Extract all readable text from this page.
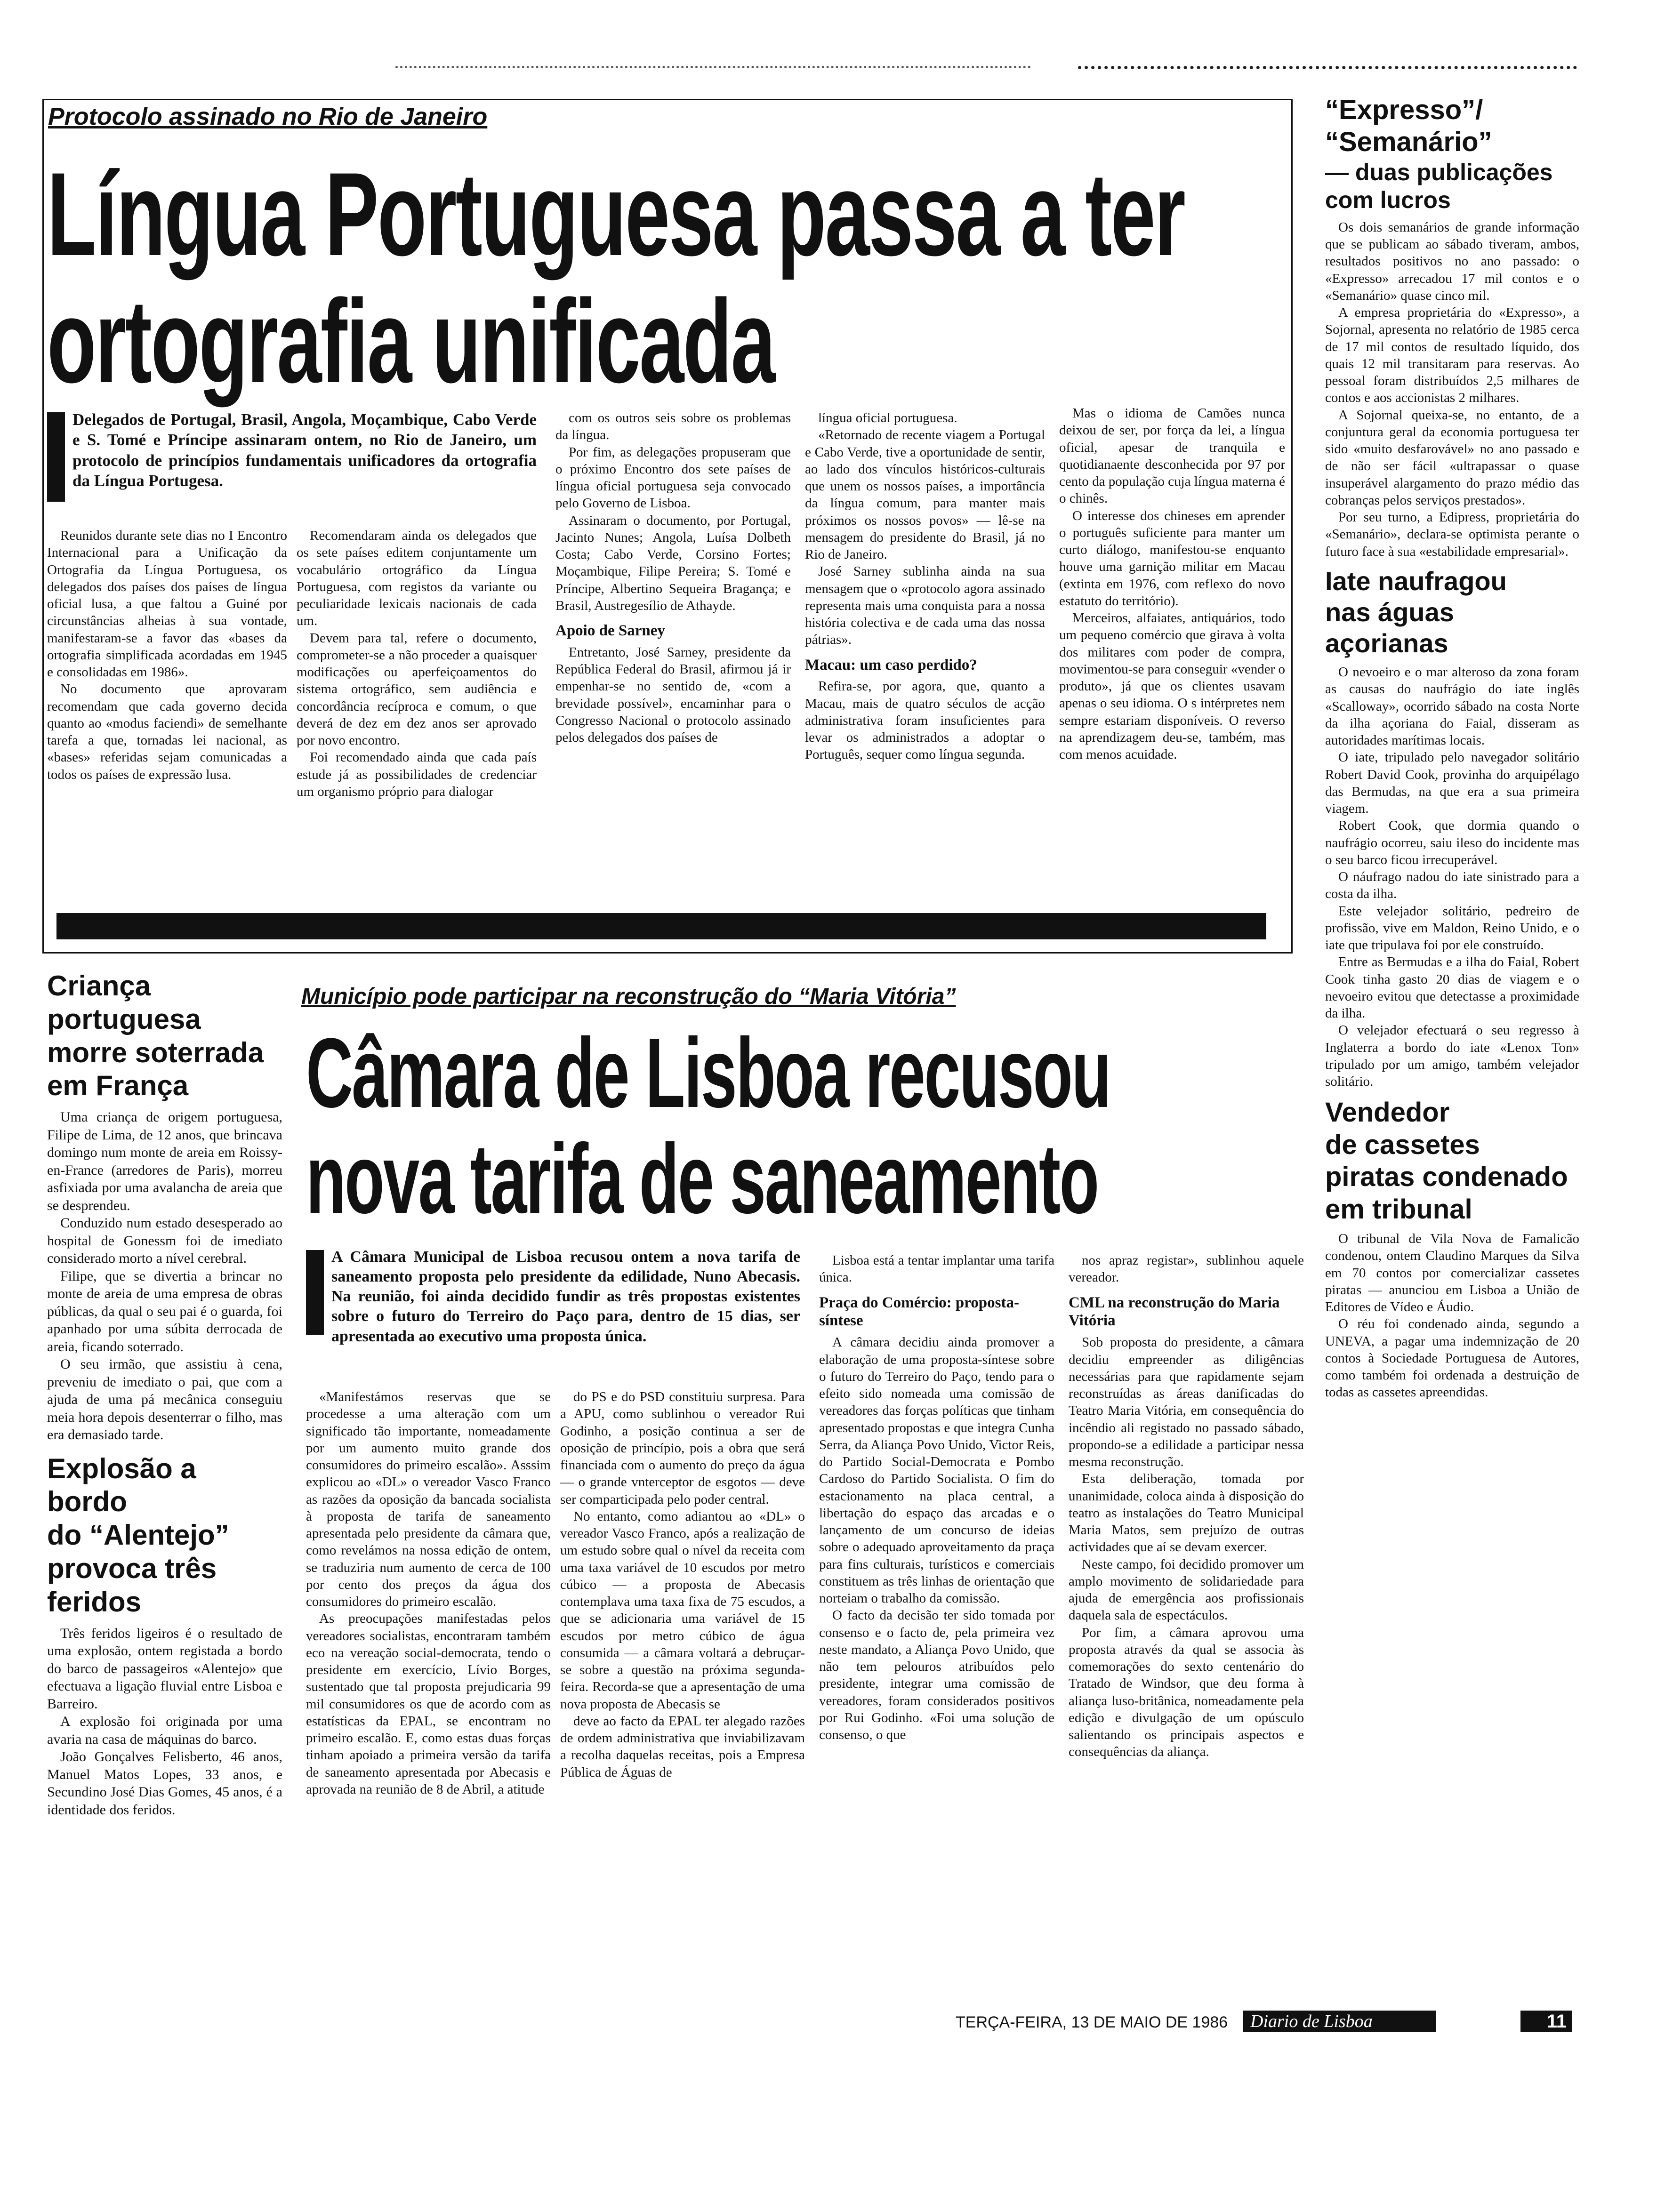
Protocolo assinado no Rio de Janeiro

Língua Portuguesa passa a ter
ortografia unificada

Delegados de Portugal, Brasil, Angola, Moçambique, Cabo Verde e S. Tomé e Príncipe assinaram ontem, no Rio de Janeiro, um protocolo de princípios fundamentais unificadores da ortografia da Língua Portugesa.

Reunidos durante sete dias no I Encontro Internacional para a Unificação da Ortografia da Língua Portuguesa, os delegados dos países dos países de língua oficial lusa, a que faltou a Guiné por circunstâncias alheias à sua vontade, manifestaram-se a favor das «bases da ortografia simplificada acordadas em 1945 e consolidadas em 1986».

No documento que aprovaram recomendam que cada governo decida quanto ao «modus faciendi» de semelhante tarefa a que, tornadas lei nacional, as «bases» referidas sejam comunicadas a todos os países de expressão lusa.

Recomendaram ainda os delegados que os sete países editem conjuntamente um vocabulário ortográfico da Língua Portuguesa, com registos da variante ou peculiaridade lexicais nacionais de cada um.

Devem para tal, refere o documento, comprometer-se a não proceder a quaisquer modificações ou aperfeiçoamentos do sistema ortográfico, sem audiência e concordância recíproca e comum, o que deverá de dez em dez anos ser aprovado por novo encontro.

Foi recomendado ainda que cada país estude já as possibilidades de credenciar um organismo próprio para dialogar

com os outros seis sobre os problemas da língua.

Por fim, as delegações propuseram que o próximo Encontro dos sete países de língua oficial portuguesa seja convocado pelo Governo de Lisboa.

Assinaram o documento, por Portugal, Jacinto Nunes; Angola, Luísa Dolbeth Costa; Cabo Verde, Corsino Fortes; Moçambique, Filipe Pereira; S. Tomé e Príncipe, Albertino Sequeira Bragança; e Brasil, Austregesílio de Athayde.

Apoio de Sarney

Entretanto, José Sarney, presidente da República Federal do Brasil, afirmou já ir empenhar-se no sentido de, «com a brevidade possível», encaminhar para o Congresso Nacional o protocolo assinado pelos delegados dos países de

língua oficial portuguesa.

«Retornado de recente viagem a Portugal e Cabo Verde, tive a oportunidade de sentir, ao lado dos vínculos históricos-culturais que unem os nossos países, a importância da língua comum, para manter mais próximos os nossos povos» — lê-se na mensagem do presidente do Brasil, já no Rio de Janeiro.

José Sarney sublinha ainda na sua mensagem que o «protocolo agora assinado representa mais uma conquista para a nossa história colectiva e de cada uma das nossa pátrias».

Macau: um caso perdido?

Refira-se, por agora, que, quanto a Macau, mais de quatro séculos de acção administrativa foram insuficientes para levar os administrados a adoptar o Português, sequer como língua segunda.

Mas o idioma de Camões nunca deixou de ser, por força da lei, a língua oficial, apesar de tranquila e quotidianaente desconhecida por 97 por cento da população cuja língua materna é o chinês.

O interesse dos chineses em aprender o português suficiente para manter um curto diálogo, manifestou-se enquanto houve uma garnição militar em Macau (extinta em 1976, com reflexo do novo estatuto do território).

Merceiros, alfaiates, antiquários, todo um pequeno comércio que girava à volta dos militares com poder de compra, movimentou-se para conseguir «vender o produto», já que os clientes usavam apenas o seu idioma. O s intérpretes nem sempre estariam disponíveis. O reverso na aprendizagem deu-se, também, mas com menos acuidade.

“Expresso”/
“Semanário”
— duas publicações
com lucros

Os dois semanários de grande informação que se publicam ao sábado tiveram, ambos, resultados positivos no ano passado: o «Expresso» arrecadou 17 mil contos e o «Semanário» quase cinco mil.

A empresa proprietária do «Expresso», a Sojornal, apresenta no relatório de 1985 cerca de 17 mil contos de resultado líquido, dos quais 12 mil transitaram para reservas. Ao pessoal foram distribuídos 2,5 milhares de contos e aos accionistas 2 milhares.

A Sojornal queixa-se, no entanto, de a conjuntura geral da economia portuguesa ter sido «muito desfarovável» no ano passado e de não ser fácil «ultrapassar o quase insuperável alargamento do prazo médio das cobranças pelos serviços prestados».

Por seu turno, a Edipress, proprietária do «Semanário», declara-se optimista perante o futuro face à sua «estabilidade empresarial».

Iate naufragou
nas águas açorianas

O nevoeiro e o mar alteroso da zona foram as causas do naufrágio do iate inglês «Scalloway», ocorrido sábado na costa Norte da ilha açoriana do Faial, disseram as autoridades marítimas locais.

O iate, tripulado pelo navegador solitário Robert David Cook, provinha do arquipélago das Bermudas, na que era a sua primeira viagem.

Robert Cook, que dormia quando o naufrágio ocorreu, saiu ileso do incidente mas o seu barco ficou irrecuperável.

O náufrago nadou do iate sinistrado para a costa da ilha.

Este velejador solitário, pedreiro de profissão, vive em Maldon, Reino Unido, e o iate que tripulava foi por ele construído.

Entre as Bermudas e a ilha do Faial, Robert Cook tinha gasto 20 dias de viagem e o nevoeiro evitou que detectasse a proximidade da ilha.

O velejador efectuará o seu regresso à Inglaterra a bordo do iate «Lenox Ton» tripulado por um amigo, também velejador solitário.

Vendedor
de cassetes
piratas condenado
em tribunal

O tribunal de Vila Nova de Famalicão condenou, ontem Claudino Marques da Silva em 70 contos por comercializar cassetes piratas — anunciou em Lisboa a União de Editores de Vídeo e Áudio.

O réu foi condenado ainda, segundo a UNEVA, a pagar uma indemnização de 20 contos à Sociedade Portuguesa de Autores, como também foi ordenada a destruição de todas as cassetes apreendidas.

Criança portuguesa
morre soterrada
em França

Uma criança de origem portuguesa, Filipe de Lima, de 12 anos, que brincava domingo num monte de areia em Roissy-en-France (arredores de Paris), morreu asfixiada por uma avalancha de areia que se desprendeu.

Conduzido num estado desesperado ao hospital de Gonessm foi de imediato considerado morto a nível cerebral.

Filipe, que se divertia a brincar no monte de areia de uma empresa de obras públicas, da qual o seu pai é o guarda, foi apanhado por uma súbita derrocada de areia, ficando soterrado.

O seu irmão, que assistiu à cena, preveniu de imediato o pai, que com a ajuda de uma pá mecânica conseguiu meia hora depois desenterrar o filho, mas era demasiado tarde.

Explosão a bordo
do “Alentejo”
provoca três feridos

Três feridos ligeiros é o resultado de uma explosão, ontem registada a bordo do barco de passageiros «Alentejo» que efectuava a ligação fluvial entre Lisboa e Barreiro.

A explosão foi originada por uma avaria na casa de máquinas do barco.

João Gonçalves Felisberto, 46 anos, Manuel Matos Lopes, 33 anos, e Secundino José Dias Gomes, 45 anos, é a identidade dos feridos.

Município pode participar na reconstrução do “Maria Vitória”

Câmara de Lisboa recusou
nova tarifa de saneamento

A Câmara Municipal de Lisboa recusou ontem a nova tarifa de saneamento proposta pelo presidente da edilidade, Nuno Abecasis. Na reunião, foi ainda decidido fundir as três propostas existentes sobre o futuro do Terreiro do Paço para, dentro de 15 dias, ser apresentada ao executivo uma proposta única.

«Manifestámos reservas que se procedesse a uma alteração com um significado tão importante, nomeadamente por um aumento muito grande dos consumidores do primeiro escalão». Asssim explicou ao «DL» o vereador Vasco Franco as razões da oposição da bancada socialista à proposta de tarifa de saneamento apresentada pelo presidente da câmara que, como revelámos na nossa edição de ontem, se traduziria num aumento de cerca de 100 por cento dos preços da água dos consumidores do primeiro escalão.

As preocupações manifestadas pelos vereadores socialistas, encontraram também eco na vereação social-democrata, tendo o presidente em exercício, Lívio Borges, sustentado que tal proposta prejudicaria 99 mil consumidores os que de acordo com as estatísticas da EPAL, se encontram no primeiro escalão. E, como estas duas forças tinham apoiado a primeira versão da tarifa de saneamento apresentada por Abecasis e aprovada na reunião de 8 de Abril, a atitude

do PS e do PSD constituiu surpresa. Para a APU, como sublinhou o vereador Rui Godinho, a posição continua a ser de oposição de princípio, pois a obra que será financiada com o aumento do preço da água — o grande vnterceptor de esgotos — deve ser comparticipada pelo poder central.

No entanto, como adiantou ao «DL» o vereador Vasco Franco, após a realização de um estudo sobre qual o nível da receita com uma taxa variável de 10 escudos por metro cúbico — a proposta de Abecasis contemplava uma taxa fixa de 75 escudos, a que se adicionaria uma variável de 15 escudos por metro cúbico de água consumida — a câmara voltará a debruçar-se sobre a questão na próxima segunda-feira. Recorda-se que a apresentação de uma nova proposta de Abecasis se

deve ao facto da EPAL ter alegado razões de ordem administrativa que inviabilizavam a recolha daquelas receitas, pois a Empresa Pública de Águas de

Lisboa está a tentar implantar uma tarifa única.

Praça do Comércio: proposta-síntese

A câmara decidiu ainda promover a elaboração de uma proposta-síntese sobre o futuro do Terreiro do Paço, tendo para o efeito sido nomeada uma comissão de vereadores das forças políticas que tinham apresentado propostas e que integra Cunha Serra, da Aliança Povo Unido, Victor Reis, do Partido Social-Democrata e Pombo Cardoso do Partido Socialista. O fim do estacionamento na placa central, a libertação do espaço das arcadas e o lançamento de um concurso de ideias sobre o adequado aproveitamento da praça para fins culturais, turísticos e comerciais constituem as três linhas de orientação que norteiam o trabalho da comissão.

O facto da decisão ter sido tomada por consenso e o facto de, pela primeira vez neste mandato, a Aliança Povo Unido, que não tem pelouros atribuídos pelo presidente, integrar uma comissão de vereadores, foram considerados positivos por Rui Godinho. «Foi uma solução de consenso, o que

nos apraz registar», sublinhou aquele vereador.

CML na reconstrução do Maria Vitória

Sob proposta do presidente, a câmara decidiu empreender as diligências necessárias para que rapidamente sejam reconstruídas as áreas danificadas do Teatro Maria Vitória, em consequência do incêndio ali registado no passado sábado, propondo-se a edilidade a participar nessa mesma reconstrução.

Esta deliberação, tomada por unanimidade, coloca ainda à disposição do teatro as instalações do Teatro Municipal Maria Matos, sem prejuízo de outras actividades que aí se devam exercer.

Neste campo, foi decidido promover um amplo movimento de solidariedade para ajuda de emergência aos profissionais daquela sala de espectáculos.

Por fim, a câmara aprovou uma proposta através da qual se associa às comemorações do sexto centenário do Tratado de Windsor, que deu forma à aliança luso-britânica, nomeadamente pela edição e divulgação de um opúsculo salientando os principais aspectos e consequências da aliança.

TERÇA-FEIRA, 13 DE MAIO DE 1986	Diario de Lisboa	11
